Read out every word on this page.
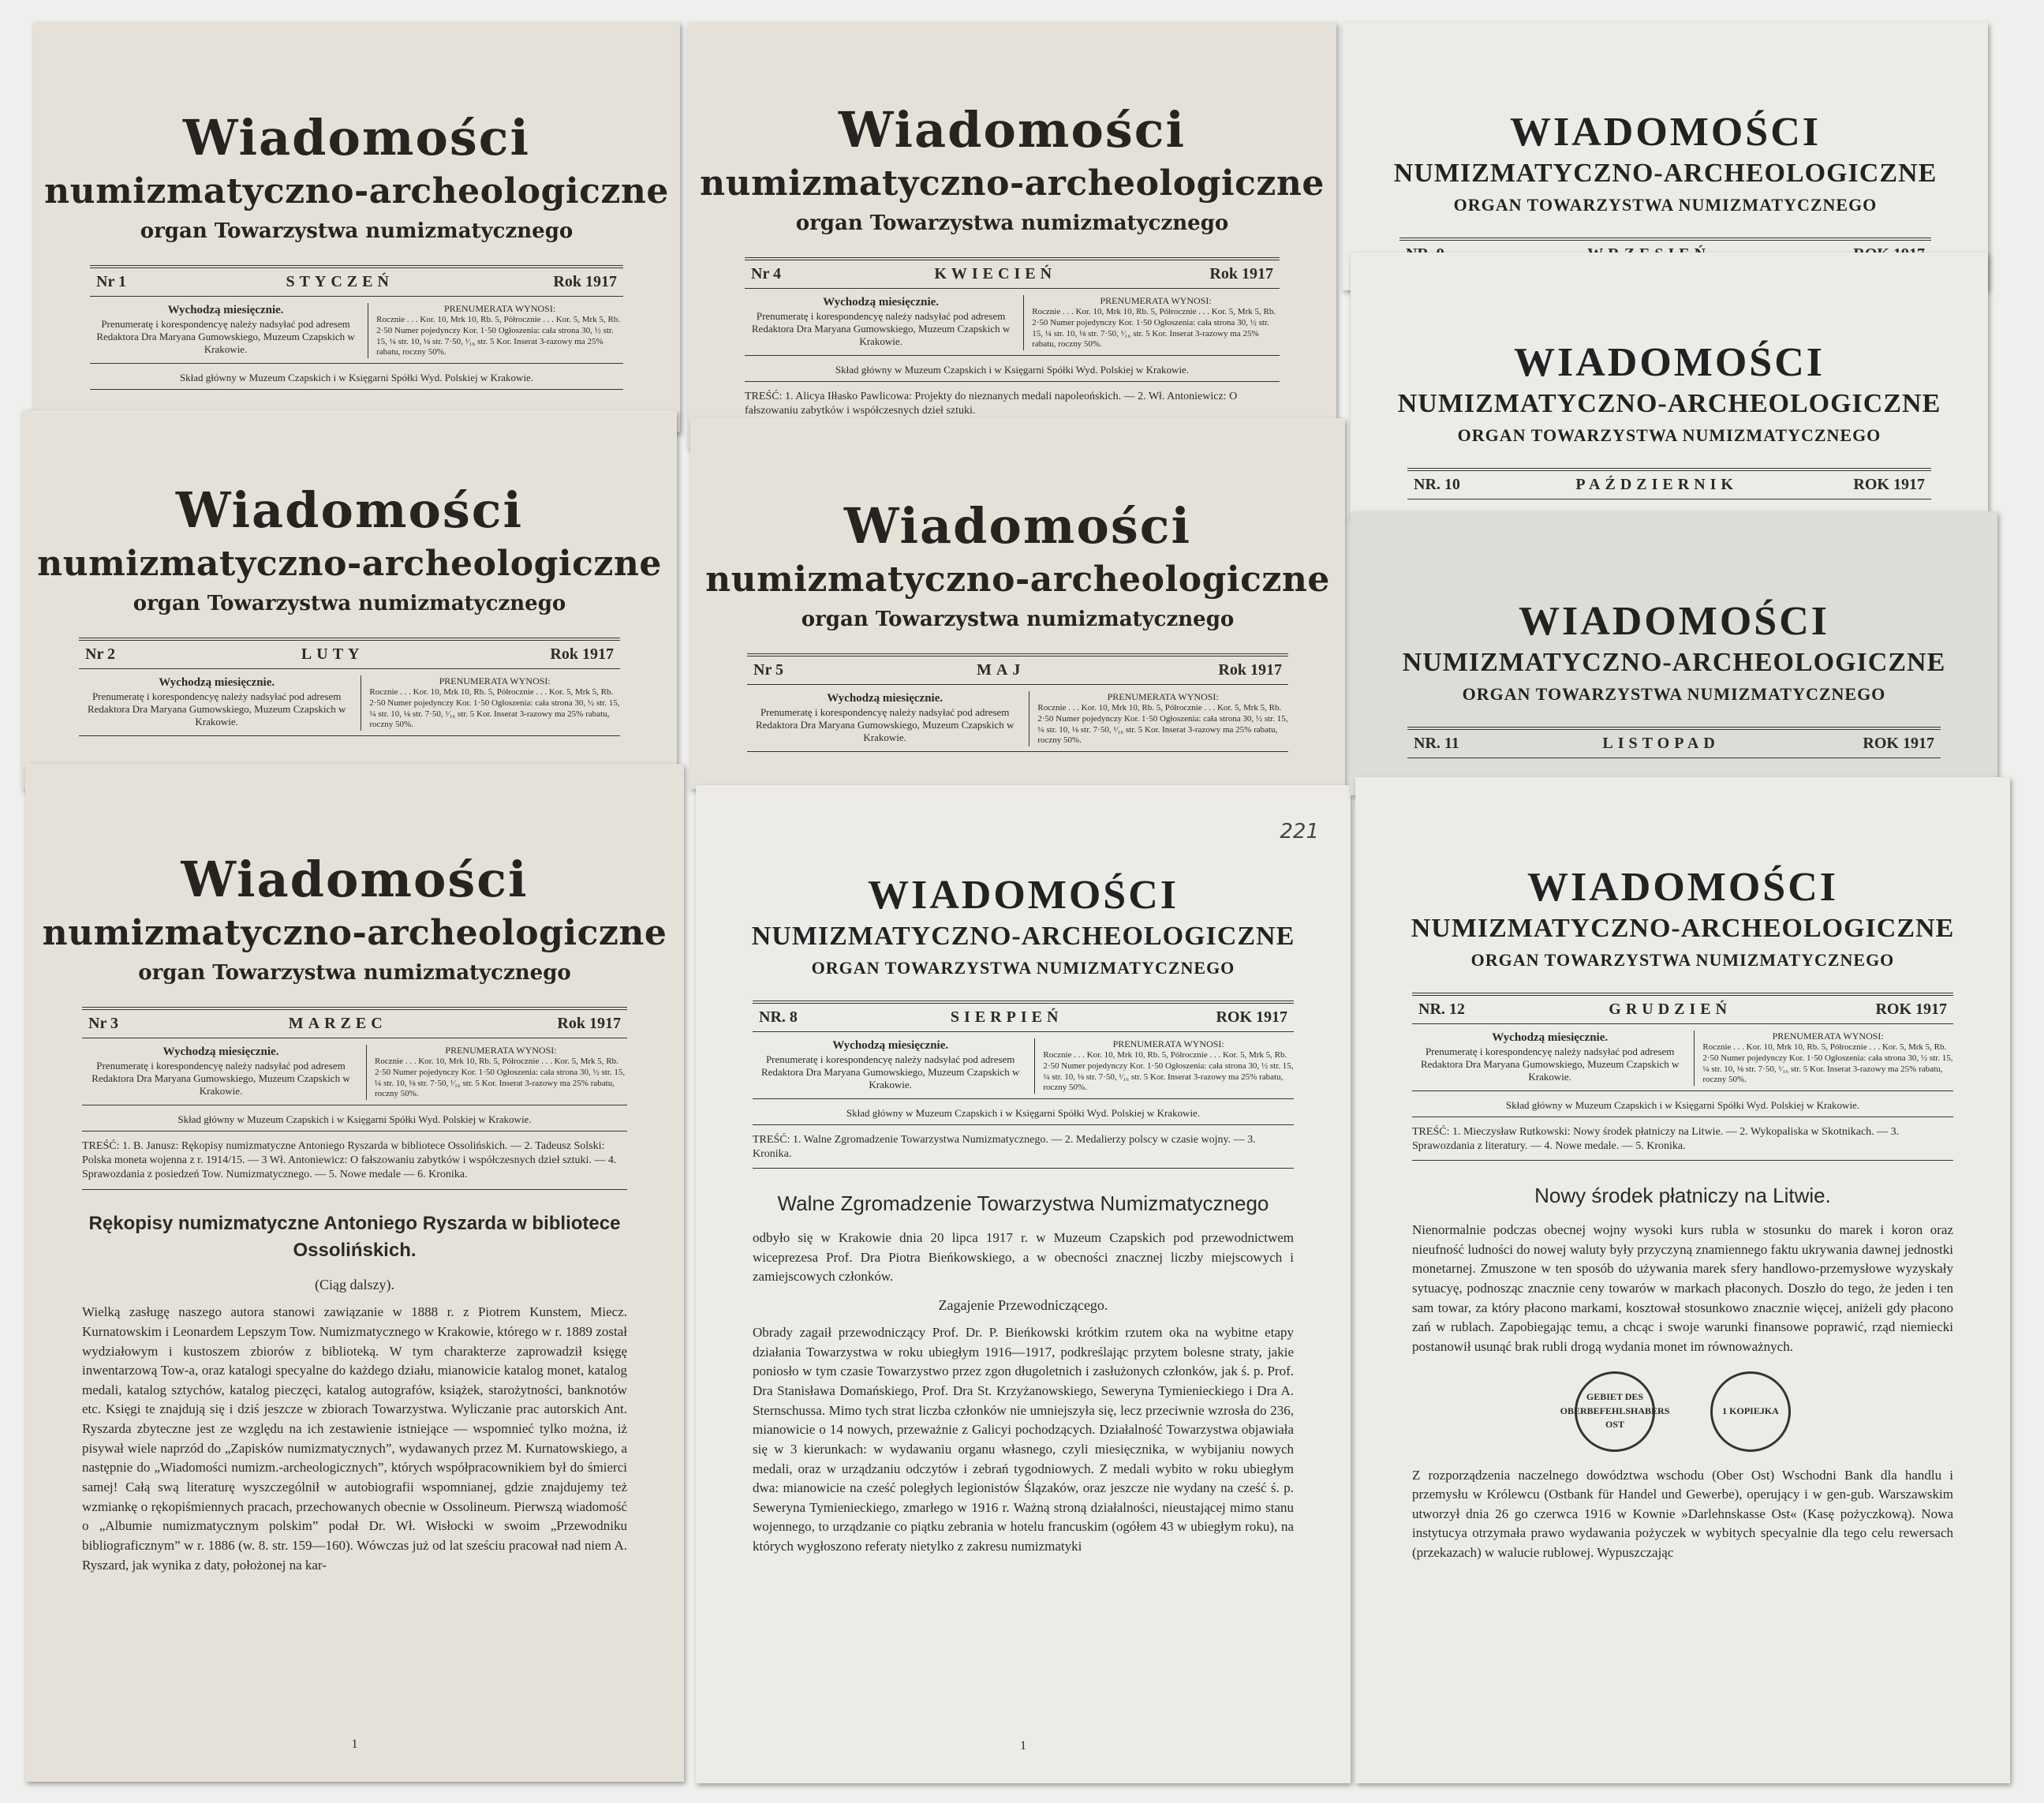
Wiadomości
numizmatyczno-archeologiczne
organ Towarzystwa numizmatycznego
Nr 1	STYCZEŃ	Rok 1917
Wychodzą miesięcznie.
Prenumeratę i korespondencyę należy nadsyłać pod adresem Redaktora Dra Maryana Gumowskiego, Muzeum Czapskich w Krakowie.
PRENUMERATA WYNOSI:
Rocznie . . . Kor. 10, Mrk 10, Rb. 5, Półrocznie . . . Kor. 5, Mrk 5, Rb. 2·50 Numer pojedynczy Kor. 1·50 Ogłoszenia: cała strona 30, ½ str. 15, ¼ str. 10, ⅛ str. 7·50, ¹⁄₁₆ str. 5 Kor. Inserat 3-razowy ma 25% rabatu, roczny 50%.
Skład główny w Muzeum Czapskich i w Księgarni Spółki Wyd. Polskiej w Krakowie.
Wiadomości
numizmatyczno-archeologiczne
organ Towarzystwa numizmatycznego
Nr 2	LUTY	Rok 1917
Wychodzą miesięcznie.
Prenumeratę i korespondencyę należy nadsyłać pod adresem Redaktora Dra Maryana Gumowskiego, Muzeum Czapskich w Krakowie.
PRENUMERATA WYNOSI:
Rocznie . . . Kor. 10, Mrk 10, Rb. 5, Półrocznie . . . Kor. 5, Mrk 5, Rb. 2·50 Numer pojedynczy Kor. 1·50 Ogłoszenia: cała strona 30, ½ str. 15, ¼ str. 10, ⅛ str. 7·50, ¹⁄₁₆ str. 5 Kor. Inserat 3-razowy ma 25% rabatu, roczny 50%.
Wiadomości
numizmatyczno-archeologiczne
organ Towarzystwa numizmatycznego
Nr 3	MARZEC	Rok 1917
Wychodzą miesięcznie.
Prenumeratę i korespondencyę należy nadsyłać pod adresem Redaktora Dra Maryana Gumowskiego, Muzeum Czapskich w Krakowie.
PRENUMERATA WYNOSI:
Rocznie . . . Kor. 10, Mrk 10, Rb. 5, Półrocznie . . . Kor. 5, Mrk 5, Rb. 2·50 Numer pojedynczy Kor. 1·50 Ogłoszenia: cała strona 30, ½ str. 15, ¼ str. 10, ⅛ str. 7·50, ¹⁄₁₆ str. 5 Kor. Inserat 3-razowy ma 25% rabatu, roczny 50%.
Skład główny w Muzeum Czapskich i w Księgarni Spółki Wyd. Polskiej w Krakowie.
TREŚĆ: 1. B. Janusz: Rękopisy numizmatyczne Antoniego Ryszarda w bibliotece Ossolińskich. — 2. Tadeusz Solski: Polska moneta wojenna z r. 1914/15. — 3 Wł. Antoniewicz: O fałszowaniu zabytków i współczesnych dzieł sztuki. — 4. Sprawozdania z posiedzeń Tow. Numizmatycznego. — 5. Nowe medale — 6. Kronika.
Rękopisy numizmatyczne Antoniego Ryszarda w bibliotece Ossolińskich.
(Ciąg dalszy).
Wielką zasługę naszego autora stanowi zawiązanie w 1888 r. z Piotrem Kunstem, Miecz. Kurnatowskim i Leonardem Lepszym Tow. Numizmatycznego w Krakowie, którego w r. 1889 został wydziałowym i kustoszem zbiorów z biblioteką. W tym charakterze zaprowadził księgę inwentarzową Tow-a, oraz katalogi specyalne do każdego działu, mianowicie katalog monet, katalog medali, katalog sztychów, katalog pieczęci, katalog autografów, książek, starożytności, banknotów etc. Księgi te znajdują się i dziś jeszcze w zbiorach Towarzystwa. Wyliczanie prac autorskich Ant. Ryszarda zbyteczne jest ze względu na ich zestawienie istniejące — wspomnieć tylko można, iż pisywał wiele naprzód do „Zapisków numizmatycznych”, wydawanych przez M. Kurnatowskiego, a następnie do „Wiadomości numizm.-archeologicznych”, których współpracownikiem był do śmierci samej! Całą swą literaturę wyszczególnił w autobiografii wspomnianej, gdzie znajdujemy też wzmiankę o rękopiśmiennych pracach, przechowanych obecnie w Ossolineum. Pierwszą wiadomość o „Albumie numizmatycznym polskim” podał Dr. Wł. Wisłocki w swoim „Przewodniku bibliograficznym” w r. 1886 (w. 8. str. 159—160). Wówczas już od lat sześciu pracował nad niem A. Ryszard, jak wynika z daty, położonej na kar-
1
Wiadomości
numizmatyczno-archeologiczne
organ Towarzystwa numizmatycznego
Nr 4	KWIECIEŃ	Rok 1917
Wychodzą miesięcznie.
Prenumeratę i korespondencyę należy nadsyłać pod adresem Redaktora Dra Maryana Gumowskiego, Muzeum Czapskich w Krakowie.
PRENUMERATA WYNOSI:
Rocznie . . . Kor. 10, Mrk 10, Rb. 5, Półrocznie . . . Kor. 5, Mrk 5, Rb. 2·50 Numer pojedynczy Kor. 1·50 Ogłoszenia: cała strona 30, ½ str. 15, ¼ str. 10, ⅛ str. 7·50, ¹⁄₁₆ str. 5 Kor. Inserat 3-razowy ma 25% rabatu, roczny 50%.
Skład główny w Muzeum Czapskich i w Księgarni Spółki Wyd. Polskiej w Krakowie.
TREŚĆ: 1. Alicya Iłłasko Pawlicowa: Projekty do nieznanych medali napoleońskich. — 2. Wł. Antoniewicz: O fałszowaniu zabytków i współczesnych dzieł sztuki.
Wiadomości
numizmatyczno-archeologiczne
organ Towarzystwa numizmatycznego
Nr 5	MAJ	Rok 1917
Wychodzą miesięcznie.
Prenumeratę i korespondencyę należy nadsyłać pod adresem Redaktora Dra Maryana Gumowskiego, Muzeum Czapskich w Krakowie.
PRENUMERATA WYNOSI:
Rocznie . . . Kor. 10, Mrk 10, Rb. 5, Półrocznie . . . Kor. 5, Mrk 5, Rb. 2·50 Numer pojedynczy Kor. 1·50 Ogłoszenia: cała strona 30, ½ str. 15, ¼ str. 10, ⅛ str. 7·50, ¹⁄₁₆ str. 5 Kor. Inserat 3-razowy ma 25% rabatu, roczny 50%.
221
WIADOMOŚCI
NUMIZMATYCZNO-ARCHEOLOGICZNE
ORGAN TOWARZYSTWA NUMIZMATYCZNEGO
NR. 8	SIERPIEŃ	ROK 1917
Wychodzą miesięcznie.
Prenumeratę i korespondencyę należy nadsyłać pod adresem Redaktora Dra Maryana Gumowskiego, Muzeum Czapskich w Krakowie.
PRENUMERATA WYNOSI:
Rocznie . . . Kor. 10, Mrk 10, Rb. 5, Półrocznie . . . Kor. 5, Mrk 5, Rb. 2·50 Numer pojedynczy Kor. 1·50 Ogłoszenia: cała strona 30, ½ str. 15, ¼ str. 10, ⅛ str. 7·50, ¹⁄₁₆ str. 5 Kor. Inserat 3-razowy ma 25% rabatu, roczny 50%.
Skład główny w Muzeum Czapskich i w Księgarni Spółki Wyd. Polskiej w Krakowie.
TREŚĆ: 1. Walne Zgromadzenie Towarzystwa Numizmatycznego. — 2. Medalierzy polscy w czasie wojny. — 3. Kronika.
Walne Zgromadzenie Towarzystwa Numizmatycznego
odbyło się w Krakowie dnia 20 lipca 1917 r. w Muzeum Czapskich pod przewodnictwem wiceprezesa Prof. Dra Piotra Bieńkowskiego, a w obecności znacznej liczby miejscowych i zamiejscowych członków.
Zagajenie Przewodniczącego.
Obrady zagaił przewodniczący Prof. Dr. P. Bieńkowski krótkim rzutem oka na wybitne etapy działania Towarzystwa w roku ubiegłym 1916—1917, podkreślając przytem bolesne straty, jakie poniosło w tym czasie Towarzystwo przez zgon długoletnich i zasłużonych członków, jak ś. p. Prof. Dra Stanisława Domańskiego, Prof. Dra St. Krzyżanowskiego, Seweryna Tymienieckiego i Dra A. Sternschussa. Mimo tych strat liczba członków nie umniejszyła się, lecz przeciwnie wzrosła do 236, mianowicie o 14 nowych, przeważnie z Galicyi pochodzących. Działalność Towarzystwa objawiała się w 3 kierunkach: w wydawaniu organu własnego, czyli miesięcznika, w wybijaniu nowych medali, oraz w urządzaniu odczytów i zebrań tygodniowych. Z medali wybito w roku ubiegłym dwa: mianowicie na cześć poległych legionistów Ślązaków, oraz jeszcze nie wydany na cześć ś. p. Seweryna Tymienieckiego, zmarłego w 1916 r. Ważną stroną działalności, nieustającej mimo stanu wojennego, to urządzanie co piątku zebrania w hotelu francuskim (ogółem 43 w ubiegłym roku), na których wygłoszono referaty nietylko z zakresu numizmatyki
1
WIADOMOŚCI
NUMIZMATYCZNO-ARCHEOLOGICZNE
ORGAN TOWARZYSTWA NUMIZMATYCZNEGO
WIADOMOŚCI
NUMIZMATYCZNO-ARCHEOLOGICZNE
ORGAN TOWARZYSTWA NUMIZMATYCZNEGO
NR. 10	PAŹDZIERNIK	ROK 1917
WIADOMOŚCI
NUMIZMATYCZNO-ARCHEOLOGICZNE
ORGAN TOWARZYSTWA NUMIZMATYCZNEGO
NR. 11	LISTOPAD	ROK 1917
WIADOMOŚCI
NUMIZMATYCZNO-ARCHEOLOGICZNE
ORGAN TOWARZYSTWA NUMIZMATYCZNEGO
NR. 12	GRUDZIEŃ	ROK 1917
Wychodzą miesięcznie.
Prenumeratę i korespondencyę należy nadsyłać pod adresem Redaktora Dra Maryana Gumowskiego, Muzeum Czapskich w Krakowie.
PRENUMERATA WYNOSI:
Rocznie . . . Kor. 10, Mrk 10, Rb. 5, Półrocznie . . . Kor. 5, Mrk 5, Rb. 2·50 Numer pojedynczy Kor. 1·50 Ogłoszenia: cała strona 30, ½ str. 15, ¼ str. 10, ⅛ str. 7·50, ¹⁄₁₆ str. 5 Kor. Inserat 3-razowy ma 25% rabatu, roczny 50%.
Skład główny w Muzeum Czapskich i w Księgarni Spółki Wyd. Polskiej w Krakowie.
TREŚĆ: 1. Mieczysław Rutkowski: Nowy środek płatniczy na Litwie. — 2. Wykopaliska w Skotnikach. — 3. Sprawozdania z literatury. — 4. Nowe medale. — 5. Kronika.
Nowy środek płatniczy na Litwie.
Nienormalnie podczas obecnej wojny wysoki kurs rubla w stosunku do marek i koron oraz nieufność ludności do nowej waluty były przyczyną znamiennego faktu ukrywania dawnej jednostki monetarnej. Zmuszone w ten sposób do używania marek sfery handlowo-przemysłowe wyzyskały sytuacyę, podnosząc znacznie ceny towarów w markach płaconych. Doszło do tego, że jeden i ten sam towar, za który płacono markami, kosztował stosunkowo znacznie więcej, aniżeli gdy płacono zań w rublach. Zapobiegając temu, a chcąc i swoje warunki finansowe poprawić, rząd niemiecki postanowił usunąć brak rubli drogą wydania monet im równoważnych.
GEBIET DES OBERBEFEHLSHABERS OST
1 KOPIEJKA
Z rozporządzenia naczelnego dowództwa wschodu (Ober Ost) Wschodni Bank dla handlu i przemysłu w Królewcu (Ostbank für Handel und Gewerbe), operujący i w gen-gub. Warszawskim utworzył dnia 26 go czerwca 1916 w Kownie »Darlehnskasse Ost« (Kasę pożyczkową). Nowa instytucya otrzymała prawo wydawania pożyczek w wybitych specyalnie dla tego celu rewersach (przekazach) w walucie rublowej. Wypuszczając
